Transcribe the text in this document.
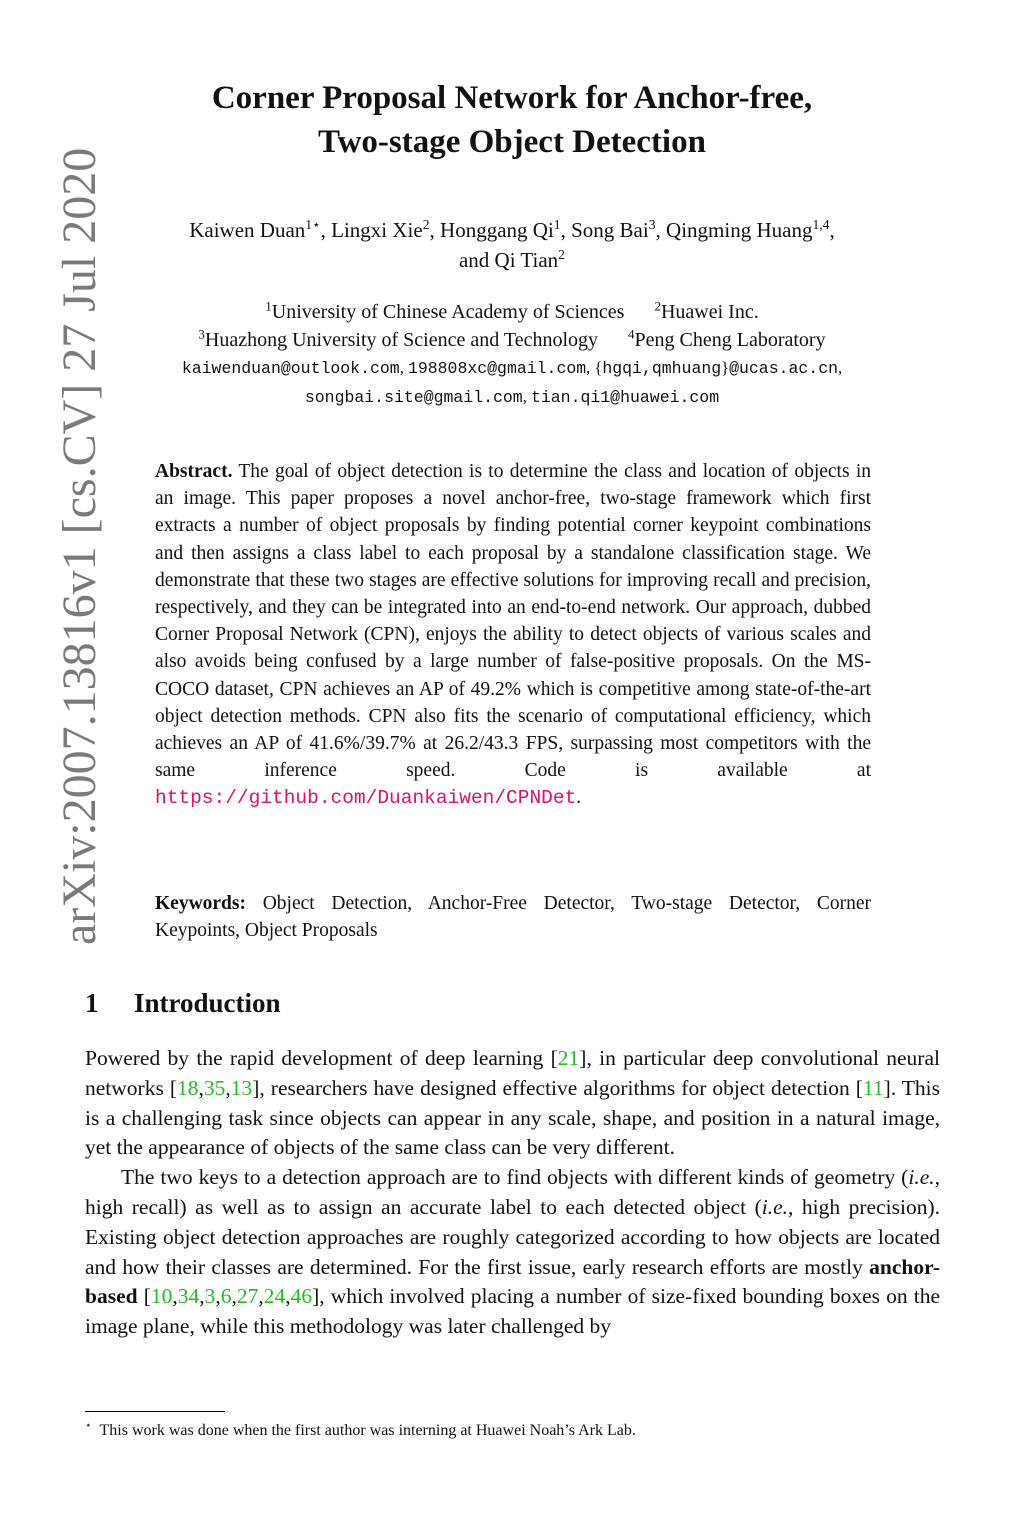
arXiv:2007.13816v1 [cs.CV] 27 Jul 2020
Corner Proposal Network for Anchor-free,
Two-stage Object Detection
Kaiwen Duan$^{1⋆}$, Lingxi Xie$^2$, Honggang Qi$^1$, Song Bai$^3$, Qingming Huang$^{1,4}$,
and Qi Tian$^2$
$^1$University of Chinese Academy of Sciences $^2$Huawei Inc.
$^3$Huazhong University of Science and Technology $^4$Peng Cheng Laboratory
kaiwenduan@outlook.com, 198808xc@gmail.com, {hgqi,qmhuang}@ucas.ac.cn,
songbai.site@gmail.com, tian.qi1@huawei.com
Abstract. The goal of object detection is to determine the class and location of objects in an image. This paper proposes a novel anchor-free, two-stage framework which first extracts a number of object proposals by finding potential corner keypoint combinations and then assigns a class label to each proposal by a standalone classification stage. We demonstrate that these two stages are effective solutions for improving recall and precision, respectively, and they can be integrated into an end-to-end network. Our approach, dubbed Corner Proposal Network (CPN), enjoys the ability to detect objects of various scales and also avoids being confused by a large number of false-positive proposals. On the MS-COCO dataset, CPN achieves an AP of 49.2% which is competitive among state-of-the-art object detection methods. CPN also fits the scenario of computational efficiency, which achieves an AP of 41.6%/39.7% at 26.2/43.3 FPS, surpassing most competitors with the same inference speed. Code is available at https://github.com/Duankaiwen/CPNDet.
Keywords: Object Detection, Anchor-Free Detector, Two-stage Detector, Corner Keypoints, Object Proposals
1 Introduction

Powered by the rapid development of deep learning [21], in particular deep convolutional neural networks [18,35,13], researchers have designed effective algorithms for object detection [11]. This is a challenging task since objects can appear in any scale, shape, and position in a natural image, yet the appearance of objects of the same class can be very different.

The two keys to a detection approach are to find objects with different kinds of geometry (i.e., high recall) as well as to assign an accurate label to each detected object (i.e., high precision). Existing object detection approaches are roughly categorized according to how objects are located and how their classes are determined. For the first issue, early research efforts are mostly anchor-based [10,34,3,6,27,24,46], which involved placing a number of size-fixed bounding boxes on the image plane, while this methodology was later challenged by

⋆ This work was done when the first author was interning at Huawei Noah’s Ark Lab.
